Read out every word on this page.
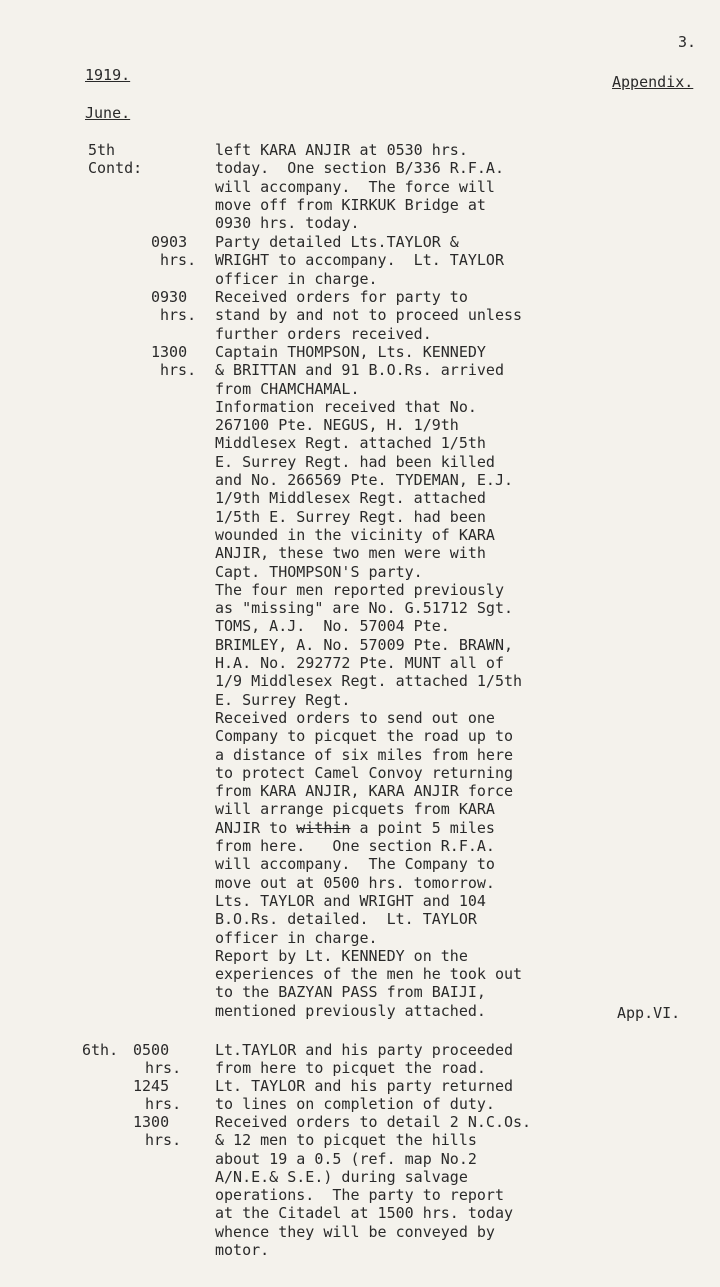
3.
1919.	Appendix.
June.
5th
Contd:
left KARA ANJIR at 0530 hrs.
today.  One section B/336 R.F.A.
will accompany.  The force will
move off from KIRKUK Bridge at
0930 hrs. today.
0903
hrs.
Party detailed Lts.TAYLOR &
WRIGHT to accompany.  Lt. TAYLOR
officer in charge.
0930
hrs.
Received orders for party to
stand by and not to proceed unless
further orders received.
1300
hrs.
Captain THOMPSON, Lts. KENNEDY
& BRITTAN and 91 B.O.Rs. arrived
from CHAMCHAMAL.
Information received that No.
267100 Pte. NEGUS, H. 1/9th
Middlesex Regt. attached 1/5th
E. Surrey Regt. had been killed
and No. 266569 Pte. TYDEMAN, E.J.
1/9th Middlesex Regt. attached
1/5th E. Surrey Regt. had been
wounded in the vicinity of KARA
ANJIR, these two men were with
Capt. THOMPSON'S party.
The four men reported previously
as "missing" are No. G.51712 Sgt.
TOMS, A.J.  No. 57004 Pte.
BRIMLEY, A. No. 57009 Pte. BRAWN,
H.A. No. 292772 Pte. MUNT all of
1/9 Middlesex Regt. attached 1/5th
E. Surrey Regt.
Received orders to send out one
Company to picquet the road up to
a distance of six miles from here
to protect Camel Convoy returning
from KARA ANJIR, KARA ANJIR force
will arrange picquets from KARA
ANJIR to within a point 5 miles
from here.   One section R.F.A.
will accompany.  The Company to
move out at 0500 hrs. tomorrow.
Lts. TAYLOR and WRIGHT and 104
B.O.Rs. detailed.  Lt. TAYLOR
officer in charge.
Report by Lt. KENNEDY on the
experiences of the men he took out
to the BAZYAN PASS from BAIJI,
mentioned previously attached.	App.VI.
6th. 0500
hrs.
Lt.TAYLOR and his party proceeded
from here to picquet the road.
1245
hrs.
Lt. TAYLOR and his party returned
to lines on completion of duty.
1300
hrs.
Received orders to detail 2 N.C.Os.
& 12 men to picquet the hills
about 19 a 0.5 (ref. map No.2
A/N.E.& S.E.) during salvage
operations.  The party to report
at the Citadel at 1500 hrs. today
whence they will be conveyed by
motor.
